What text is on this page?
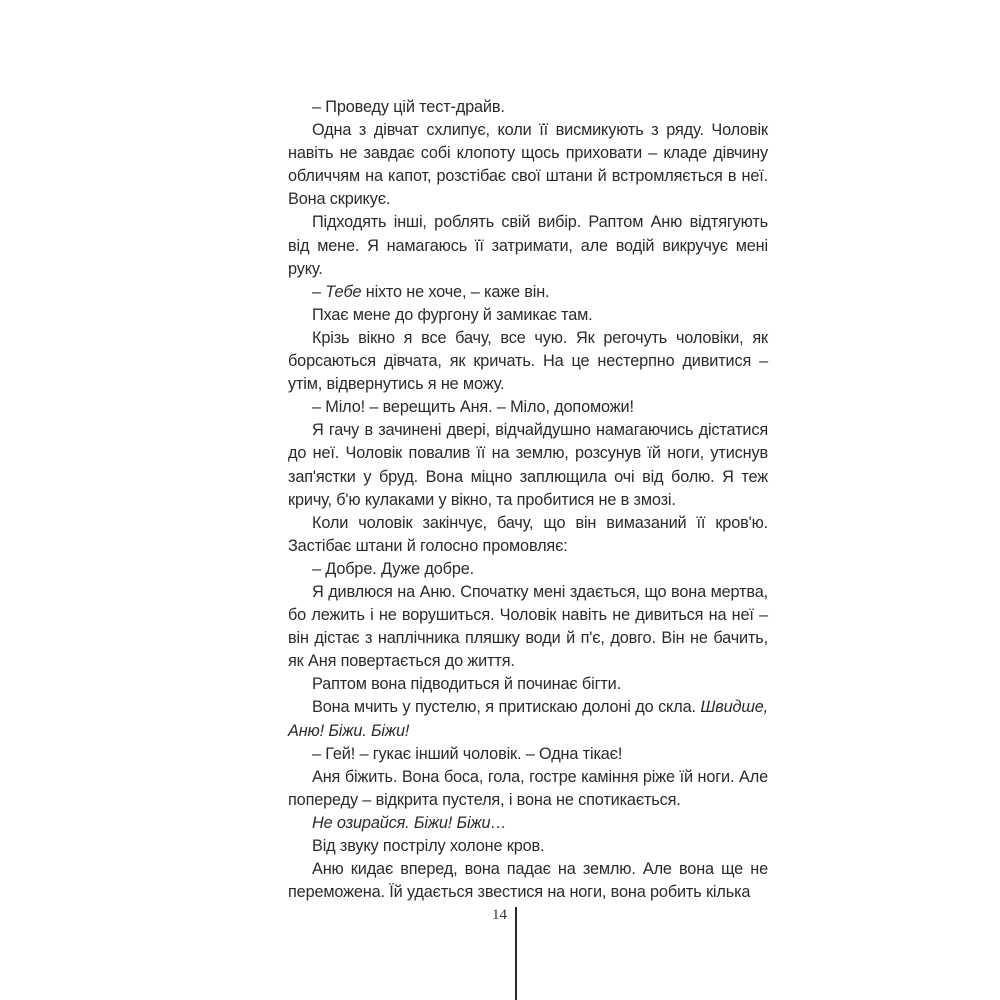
– Проведу цій тест-драйв.

Одна з дівчат схлипує, коли її висмикують з ряду. Чоловік навіть не завдає собі клопоту щось приховати – кладе дівчину обличчям на капот, розстібає свої штани й встромляється в неї. Вона скрикує.

Підходять інші, роблять свій вибір. Раптом Аню відтягують від мене. Я намагаюсь її затримати, але водій викручує мені руку.

– Тебе ніхто не хоче, – каже він.

Пхає мене до фургону й замикає там.

Крізь вікно я все бачу, все чую. Як регочуть чоловіки, як борсаються дівчата, як кричать. На це нестерпно дивитися – утім, відвернутись я не можу.

– Міло! – верещить Аня. – Міло, допоможи!

Я гачу в зачинені двері, відчайдушно намагаючись дістатися до неї. Чоловік повалив її на землю, розсунув їй ноги, утиснув зап'ястки у бруд. Вона міцно заплющила очі від болю. Я теж кричу, б'ю кулаками у вікно, та пробитися не в змозі.

Коли чоловік закінчує, бачу, що він вимазаний її кров'ю. Застібає штани й голосно промовляє:

– Добре. Дуже добре.

Я дивлюся на Аню. Спочатку мені здається, що вона мертва, бо лежить і не ворушиться. Чоловік навіть не дивиться на неї – він дістає з наплічника пляшку води й п'є, довго. Він не бачить, як Аня повертається до життя.

Раптом вона підводиться й починає бігти.

Вона мчить у пустелю, я притискаю долоні до скла. Швидше, Аню! Біжи. Біжи!

– Гей! – гукає інший чоловік. – Одна тікає!

Аня біжить. Вона боса, гола, гостре каміння ріже їй ноги. Але попереду – відкрита пустеля, і вона не спотикається.

Не озирайся. Біжи! Біжи…

Від звуку пострілу холоне кров.

Аню кидає вперед, вона падає на землю. Але вона ще не переможена. Їй удається звестися на ноги, вона робить кілька

14
